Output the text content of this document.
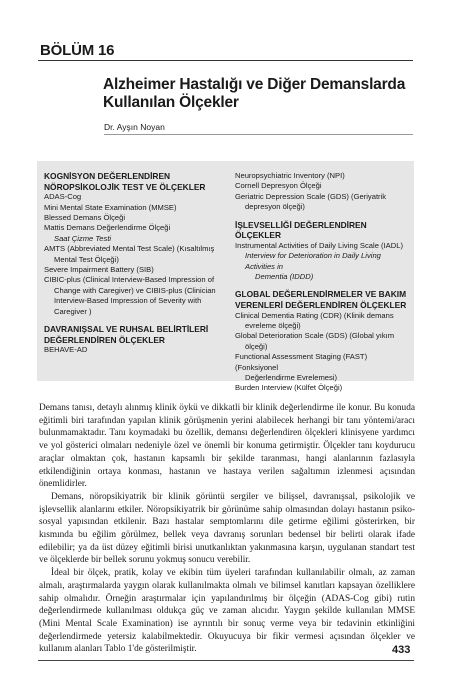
BÖLÜM 16
Alzheimer Hastalığı ve Diğer Demanslarda
Kullanılan Ölçekler
Dr. Ayşın Noyan
KOGNİSYON DEĞERLENDİREN
NÖROPSİKOLOJİK TEST VE ÖLÇEKLER
ADAS-Cog
Mini Mental State Examination (MMSE)
Blessed Demans Ölçeği
Mattis Demans Değerlendirme Ölçeği
Saat Çizme Testi
AMTS (Abbreviated Mental Test Scale) (Kısaltılmış
Mental Test Ölçeği)
Severe Impairment Battery (SIB)
CIBIC-plus (Clinical Interview-Based Impression of
Change with Caregiver) ve CIBIS-plus (Clinician
Interview-Based Impression of Severity with
Caregiver )
DAVRANIŞSAL VE RUHSAL BELİRTİLERİ
DEĞERLENDİREN ÖLÇEKLER
BEHAVE-AD
Neuropsychiatric Inventory (NPI)
Cornell Depresyon Ölçeği
Geriatric Depression Scale (GDS) (Geriyatrik
depresyon ölçeği)
İŞLEVSELLİĞİ DEĞERLENDİREN ÖLÇEKLER
Instrumental Activities of Daily Living Scale (IADL)
Interview for Deterioration in Daily Living Activities in
Dementia (IDDD)
GLOBAL DEĞERLENDİRMELER VE BAKIM
VERENLERİ DEĞERLENDİREN ÖLÇEKLER
Clinical Dementia Rating (CDR) (Klinik demans
evreleme ölçeği)
Global Deterioration Scale (GDS) (Global yıkım
ölçeği)
Functional Assessment Staging (FAST) (Fonksiyonel
Değerlendirme Evrelemesi)
Burden Interview (Külfet Ölçeği)

Demans tanısı, detaylı alınmış klinik öykü ve dikkatli bir klinik değerlendirme ile konur. Bu konuda eğitimli biri tarafından yapılan klinik görüşmenin yerini alabilecek herhangi bir tanı yöntemi/aracı bulunmamaktadır. Tanı koymadaki bu özellik, demansı değerlendiren ölçekleri klinisyene yardımcı ve yol gösterici olmaları nedeniyle özel ve önemli bir konuma getirmiştir. Ölçekler tanı koydurucu araçlar olmaktan çok, hastanın kapsamlı bir şekilde taranması, hangi alanlarının fazlasıyla etkilendiğinin ortaya konması, hastanın ve hastaya verilen sağaltımın izlenmesi açısından önemlidirler.

Demans, nöropsikiyatrik bir klinik görüntü sergiler ve bilişsel, davranışsal, psikolojik ve işlevsellik alanlarını etkiler. Nöropsikiyatrik bir görünüme sahip olmasından dolayı hastanın psiko-sosyal yapısından etkilenir. Bazı hastalar semptomlarını dile getirme eğilimi gösterirken, bir kısmında bu eğilim görülmez, bellek veya davranış sorunları bedensel bir belirti olarak ifade edilebilir; ya da üst düzey eğitimli birisi unutkanlıktan yakınmasına karşın, uygulanan standart test ve ölçeklerde bir bellek sorunu yokmuş sonucu verebilir.

İdeal bir ölçek, pratik, kolay ve ekibin tüm üyeleri tarafından kullanılabilir olmalı, az zaman almalı, araştırmalarda yaygın olarak kullanılmakta olmalı ve bilimsel kanıtları kapsayan özelliklere sahip olmalıdır. Örneğin araştırmalar için yapılandırılmış bir ölçeğin (ADAS-Cog gibi) rutin değerlendirmede kullanılması oldukça güç ve zaman alıcıdır. Yaygın şekilde kullanılan MMSE (Mini Mental Scale Examination) ise ayrıntılı bir sonuç verme veya bir tedavinin etkinliğini değerlendirmede yetersiz kalabilmektedir. Okuyucuya bir fikir vermesi açısından ölçekler ve kullanım alanları Tablo 1'de gösterilmiştir.	433
